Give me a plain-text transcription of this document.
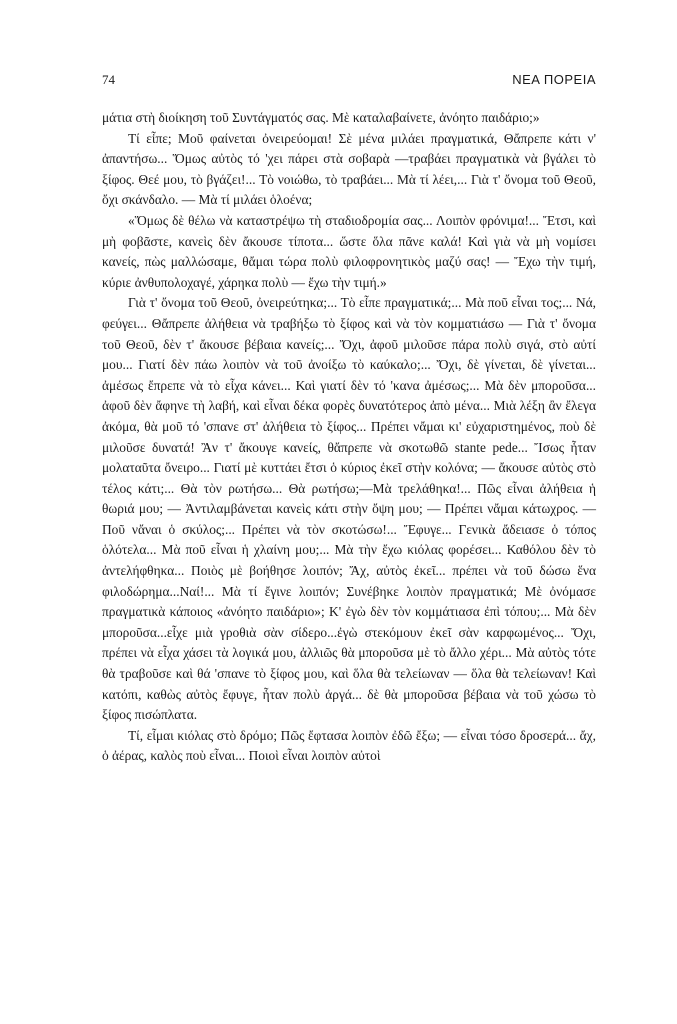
74	ΝΕΑ ΠΟΡΕΙΑ

μάτια στὴ διοίκηση τοῦ Συντάγματός σας. Μὲ καταλαβαίνετε, ἀνόητο παιδάριο;»

Τί εἶπε; Μοῦ φαίνεται ὀνειρεύομαι! Σὲ μένα μιλάει πραγματικά, Θἄπρεπε κάτι ν' ἀπαντήσω... Ὅμως αὐτὸς τό 'χει πάρει στὰ σοβαρὰ —τραβάει πραγματικὰ νὰ βγάλει τὸ ξίφος. Θεέ μου, τὸ βγάζει!... Τὸ νοιώθω, τὸ τραβάει... Μὰ τί λέει,... Γιὰ τ' ὄνομα τοῦ Θεοῦ, ὄχι σκάνδαλο. — Μὰ τί μιλάει ὁλοένα;

«Ὅμως δὲ θέλω νὰ καταστρέψω τὴ σταδιοδρομία σας... Λοιπὸν φρόνιμα!... Ἔτσι, καὶ μὴ φοβᾶστε, κανεὶς δὲν ἄκουσε τίποτα... ὥστε ὅλα πᾶνε καλά! Καὶ γιὰ νὰ μὴ νομίσει κανείς, πὼς μαλλώσαμε, θἄμαι τώρα πολὺ φιλοφρονητικὸς μαζύ σας! — Ἔχω τὴν τιμή, κύριε ἀνθυπολοχαγέ, χάρηκα πολὺ — ἔχω τὴν τιμή.»

Γιὰ τ' ὄνομα τοῦ Θεοῦ, ὀνειρεύτηκα;... Τὸ εἶπε πραγματικά;... Μὰ ποῦ εἶναι τος;... Νά, φεύγει... Θἄπρεπε ἀλήθεια νὰ τραβήξω τὸ ξίφος καὶ νὰ τὸν κομματιάσω — Γιὰ τ' ὄνομα τοῦ Θεοῦ, δὲν τ' ἄκουσε βέβαια κανείς;... Ὄχι, ἀφοῦ μιλοῦσε πάρα πολὺ σιγά, στὸ αὐτί μου... Γιατί δὲν πάω λοιπὸν νὰ τοῦ ἀνοίξω τὸ καύκαλο;... Ὄχι, δὲ γίνεται, δὲ γίνεται... ἀμέσως ἔπρεπε νὰ τὸ εἶχα κάνει... Καὶ γιατί δὲν τό 'κανα ἀμέσως;... Μὰ δὲν μποροῦσα... ἀφοῦ δὲν ἄφηνε τὴ λαβή, καὶ εἶναι δέκα φορὲς δυνατότερος ἀπὸ μένα... Μιὰ λέξη ἂν ἔλεγα ἀκόμα, θὰ μοῦ τό 'σπανε στ' ἀλήθεια τὸ ξίφος... Πρέπει νἄμαι κι' εὐχαριστημένος, ποὺ δὲ μιλοῦσε δυνατά! Ἂν τ' ἄκουγε κανείς, θἄπρεπε νὰ σκοτωθῶ stante pede... Ἴσως ἦταν μολαταῦτα ὄνειρο... Γιατί μὲ κυττάει ἔτσι ὁ κύριος ἐκεῖ στὴν κολόνα; — ἄκουσε αὐτὸς στὸ τέλος κάτι;... Θὰ τὸν ρωτήσω... Θὰ ρωτήσω;—Μὰ τρελάθηκα!... Πῶς εἶναι ἀλήθεια ἡ θωριά μου; — Ἀντιλαμβάνεται κανεὶς κάτι στὴν ὄψη μου; — Πρέπει νἄμαι κάτωχρος. — Ποῦ νἄναι ὁ σκύλος;... Πρέπει νὰ τὸν σκοτώσω!... Ἔφυγε... Γενικὰ ἄδειασε ὁ τόπος ὁλότελα... Μὰ ποῦ εἶναι ἡ χλαίνη μου;... Μὰ τὴν ἔχω κιόλας φορέσει... Καθόλου δὲν τὸ ἀντελήφθηκα... Ποιὸς μὲ βοήθησε λοιπόν; Ἄχ, αὐτὸς ἐκεῖ... πρέπει νὰ τοῦ δώσω ἕνα φιλοδώρημα...Ναί!... Μὰ τί ἔγινε λοιπόν; Συνέβηκε λοιπὸν πραγματικά; Μὲ ὀνόμασε πραγματικὰ κάποιος «ἀνόητο παιδάριο»; Κ' ἐγὼ δὲν τὸν κομμάτιασα ἐπὶ τόπου;... Μὰ δὲν μποροῦσα...εἶχε μιὰ γροθιὰ σὰν σίδερο...ἐγὼ στεκόμουν ἐκεῖ σὰν καρφωμένος... Ὄχι, πρέπει νὰ εἶχα χάσει τὰ λογικά μου, ἀλλιῶς θὰ μποροῦσα μὲ τὸ ἄλλο χέρι... Μὰ αὐτὸς τότε θὰ τραβοῦσε καὶ θά 'σπανε τὸ ξίφος μου, καὶ ὅλα θὰ τελείωναν — ὅλα θὰ τελείωναν! Καὶ κατόπι, καθὼς αὐτὸς ἔφυγε, ἦταν πολὺ ἀργά... δὲ θὰ μποροῦσα βέβαια νὰ τοῦ χώσω τὸ ξίφος πισώπλατα.

Τί, εἶμαι κιόλας στὸ δρόμο; Πῶς ἔφτασα λοιπὸν ἐδῶ ἔξω; — εἶναι τόσο δροσερά... ἄχ, ὁ ἀέρας, καλὸς ποὺ εἶναι... Ποιοὶ εἶναι λοιπὸν αὐτοὶ
